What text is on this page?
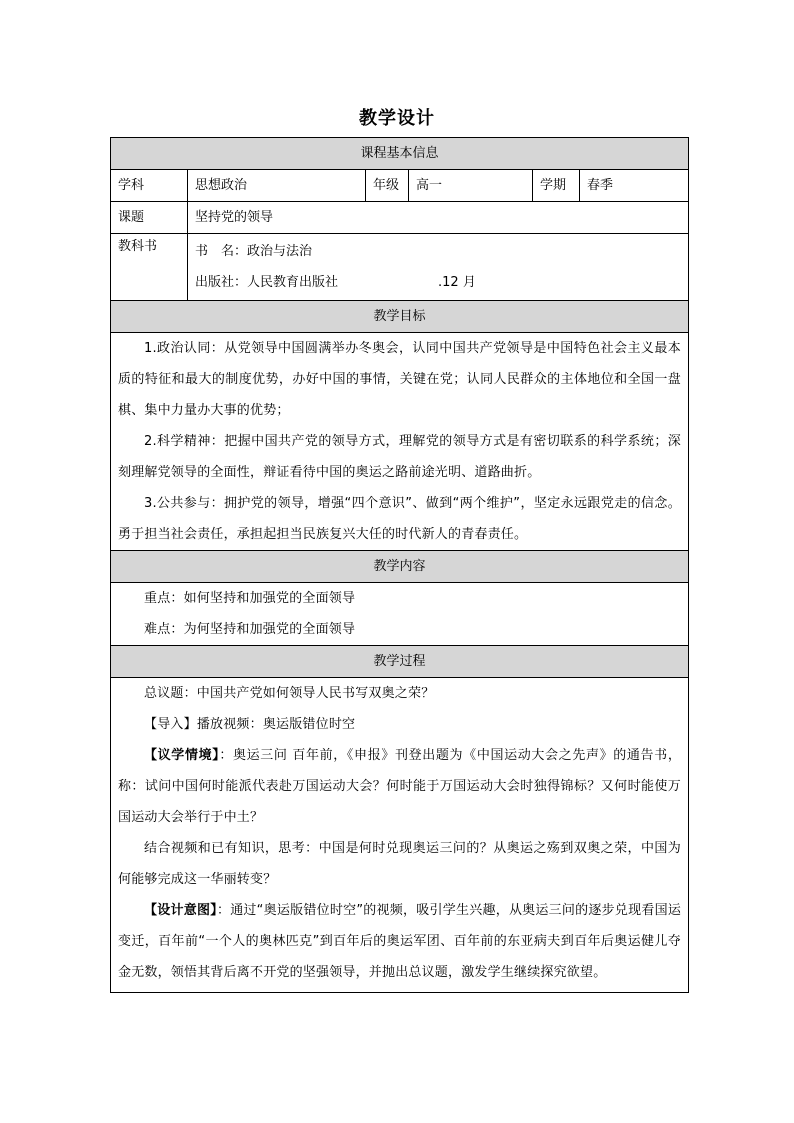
教学设计
课程基本信息					
学科	思想政治	年级	高一	学期	春季
课题	坚持党的领导				
教科书	书　名：政治与法治
出版社：人民教育出版社 .12 月				

教学目标					

1.政治认同：从党领导中国圆满举办冬奥会，认同中国共产党领导是中国特色社会主义最本质的特征和最大的制度优势，办好中国的事情，关键在党；认同人民群众的主体地位和全国一盘棋、集中力量办大事的优势；

2.科学精神：把握中国共产党的领导方式，理解党的领导方式是有密切联系的科学系统；深刻理解党领导的全面性，辩证看待中国的奥运之路前途光明、道路曲折。

3.公共参与：拥护党的领导，增强“四个意识”、做到“两个维护”，坚定永远跟党走的信念。勇于担当社会责任，承担起担当民族复兴大任的时代新人的青春责任。					

教学内容					

重点：如何坚持和加强党的全面领导

难点：为何坚持和加强党的全面领导					

教学过程					

总议题：中国共产党如何领导人民书写双奥之荣？

【导入】播放视频：奥运版错位时空

【议学情境】：奥运三问 百年前，《申报》刊登出题为《中国运动大会之先声》的通告书，称：试问中国何时能派代表赴万国运动大会？何时能于万国运动大会时独得锦标？又何时能使万国运动大会举行于中土？

结合视频和已有知识，思考：中国是何时兑现奥运三问的？从奥运之殇到双奥之荣，中国为何能够完成这一华丽转变？

【设计意图】：通过“奥运版错位时空”的视频，吸引学生兴趣，从奥运三问的逐步兑现看国运变迁，百年前“一个人的奥林匹克”到百年后的奥运军团、百年前的东亚病夫到百年后奥运健儿夺金无数，领悟其背后离不开党的坚强领导，并抛出总议题，激发学生继续探究欲望。					
